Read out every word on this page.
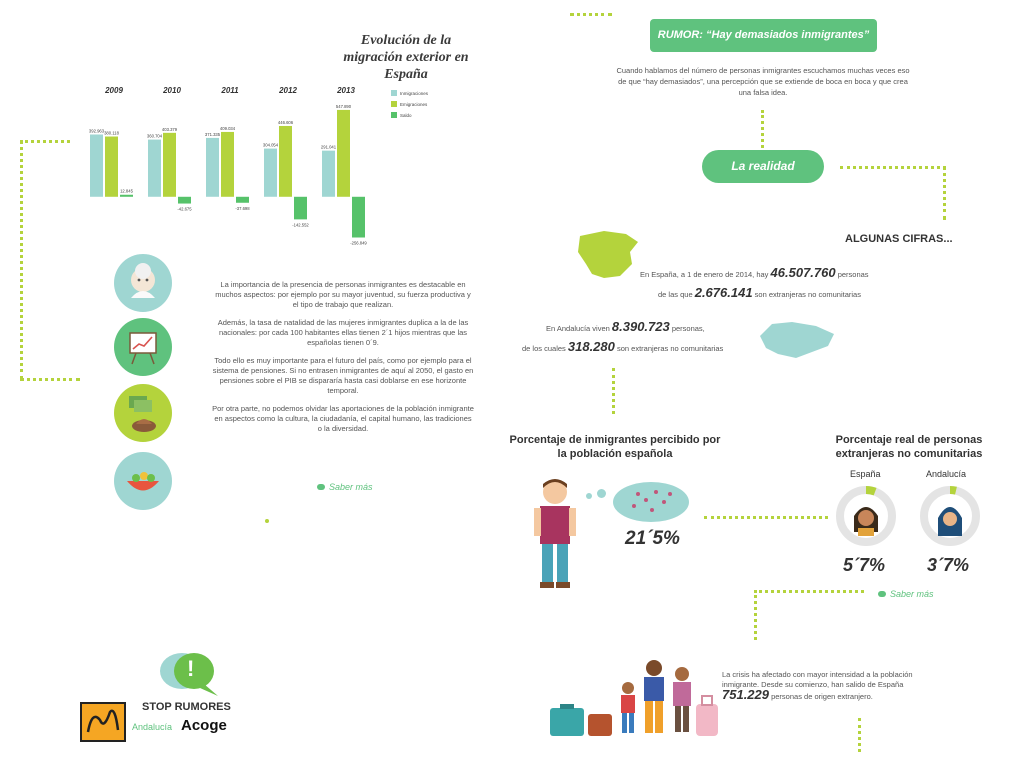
Evolución de la migración exterior en España
2009
392.963 380.118
12.845
2010
360.704
403.379
-42.675
2011
371.335
409.034
-37.698
2012
304.054
446.606
-142.552
2013
291.041
547.890
-256.849
Inmigraciones
Emigraciones
Saldo

La importancia de la presencia de personas inmigrantes es destacable en muchos aspectos: por ejemplo por su mayor juventud, su fuerza productiva y el tipo de trabajo que realizan.

Además, la tasa de natalidad de las mujeres inmigrantes duplica a la de las nacionales: por cada 100 habitantes ellas tienen 2´1 hijos mientras que las españolas tienen 0´9.

Todo ello es muy importante para el futuro del país, como por ejemplo para el sistema de pensiones. Si no entrasen inmigrantes de aquí al 2050, el gasto en pensiones sobre el PIB se dispararía hasta casi doblarse en ese horizonte temporal.

Por otra parte, no podemos olvidar las aportaciones de la población inmigrante en aspectos como la cultura, la ciudadanía, el capital humano, las tradiciones o la diversidad.

Saber más
!
STOP RUMORES
Andalucía Acoge
RUMOR: “Hay demasiados inmigrantes”
Cuando hablamos del número de personas inmigrantes escuchamos muchas veces eso de que “hay demasiados”, una percepción que se extiende de boca en boca y que crea una falsa idea.
La realidad
ALGUNAS CIFRAS...
En España, a 1 de enero de 2014, hay 46.507.760 personas
de las que 2.676.141 son extranjeras no comunitarias
En Andalucía viven 8.390.723 personas,
de los cuales 318.280 son extranjeras no comunitarias
Porcentaje de inmigrantes percibido por la población española
Porcentaje real de personas extranjeras no comunitarias
21´5%
España	Andalucía
5´7% 3´7%
Saber más
La crisis ha afectado con mayor intensidad a la población inmigrante. Desde su comienzo, han salido de España
751.229 personas de origen extranjero.
